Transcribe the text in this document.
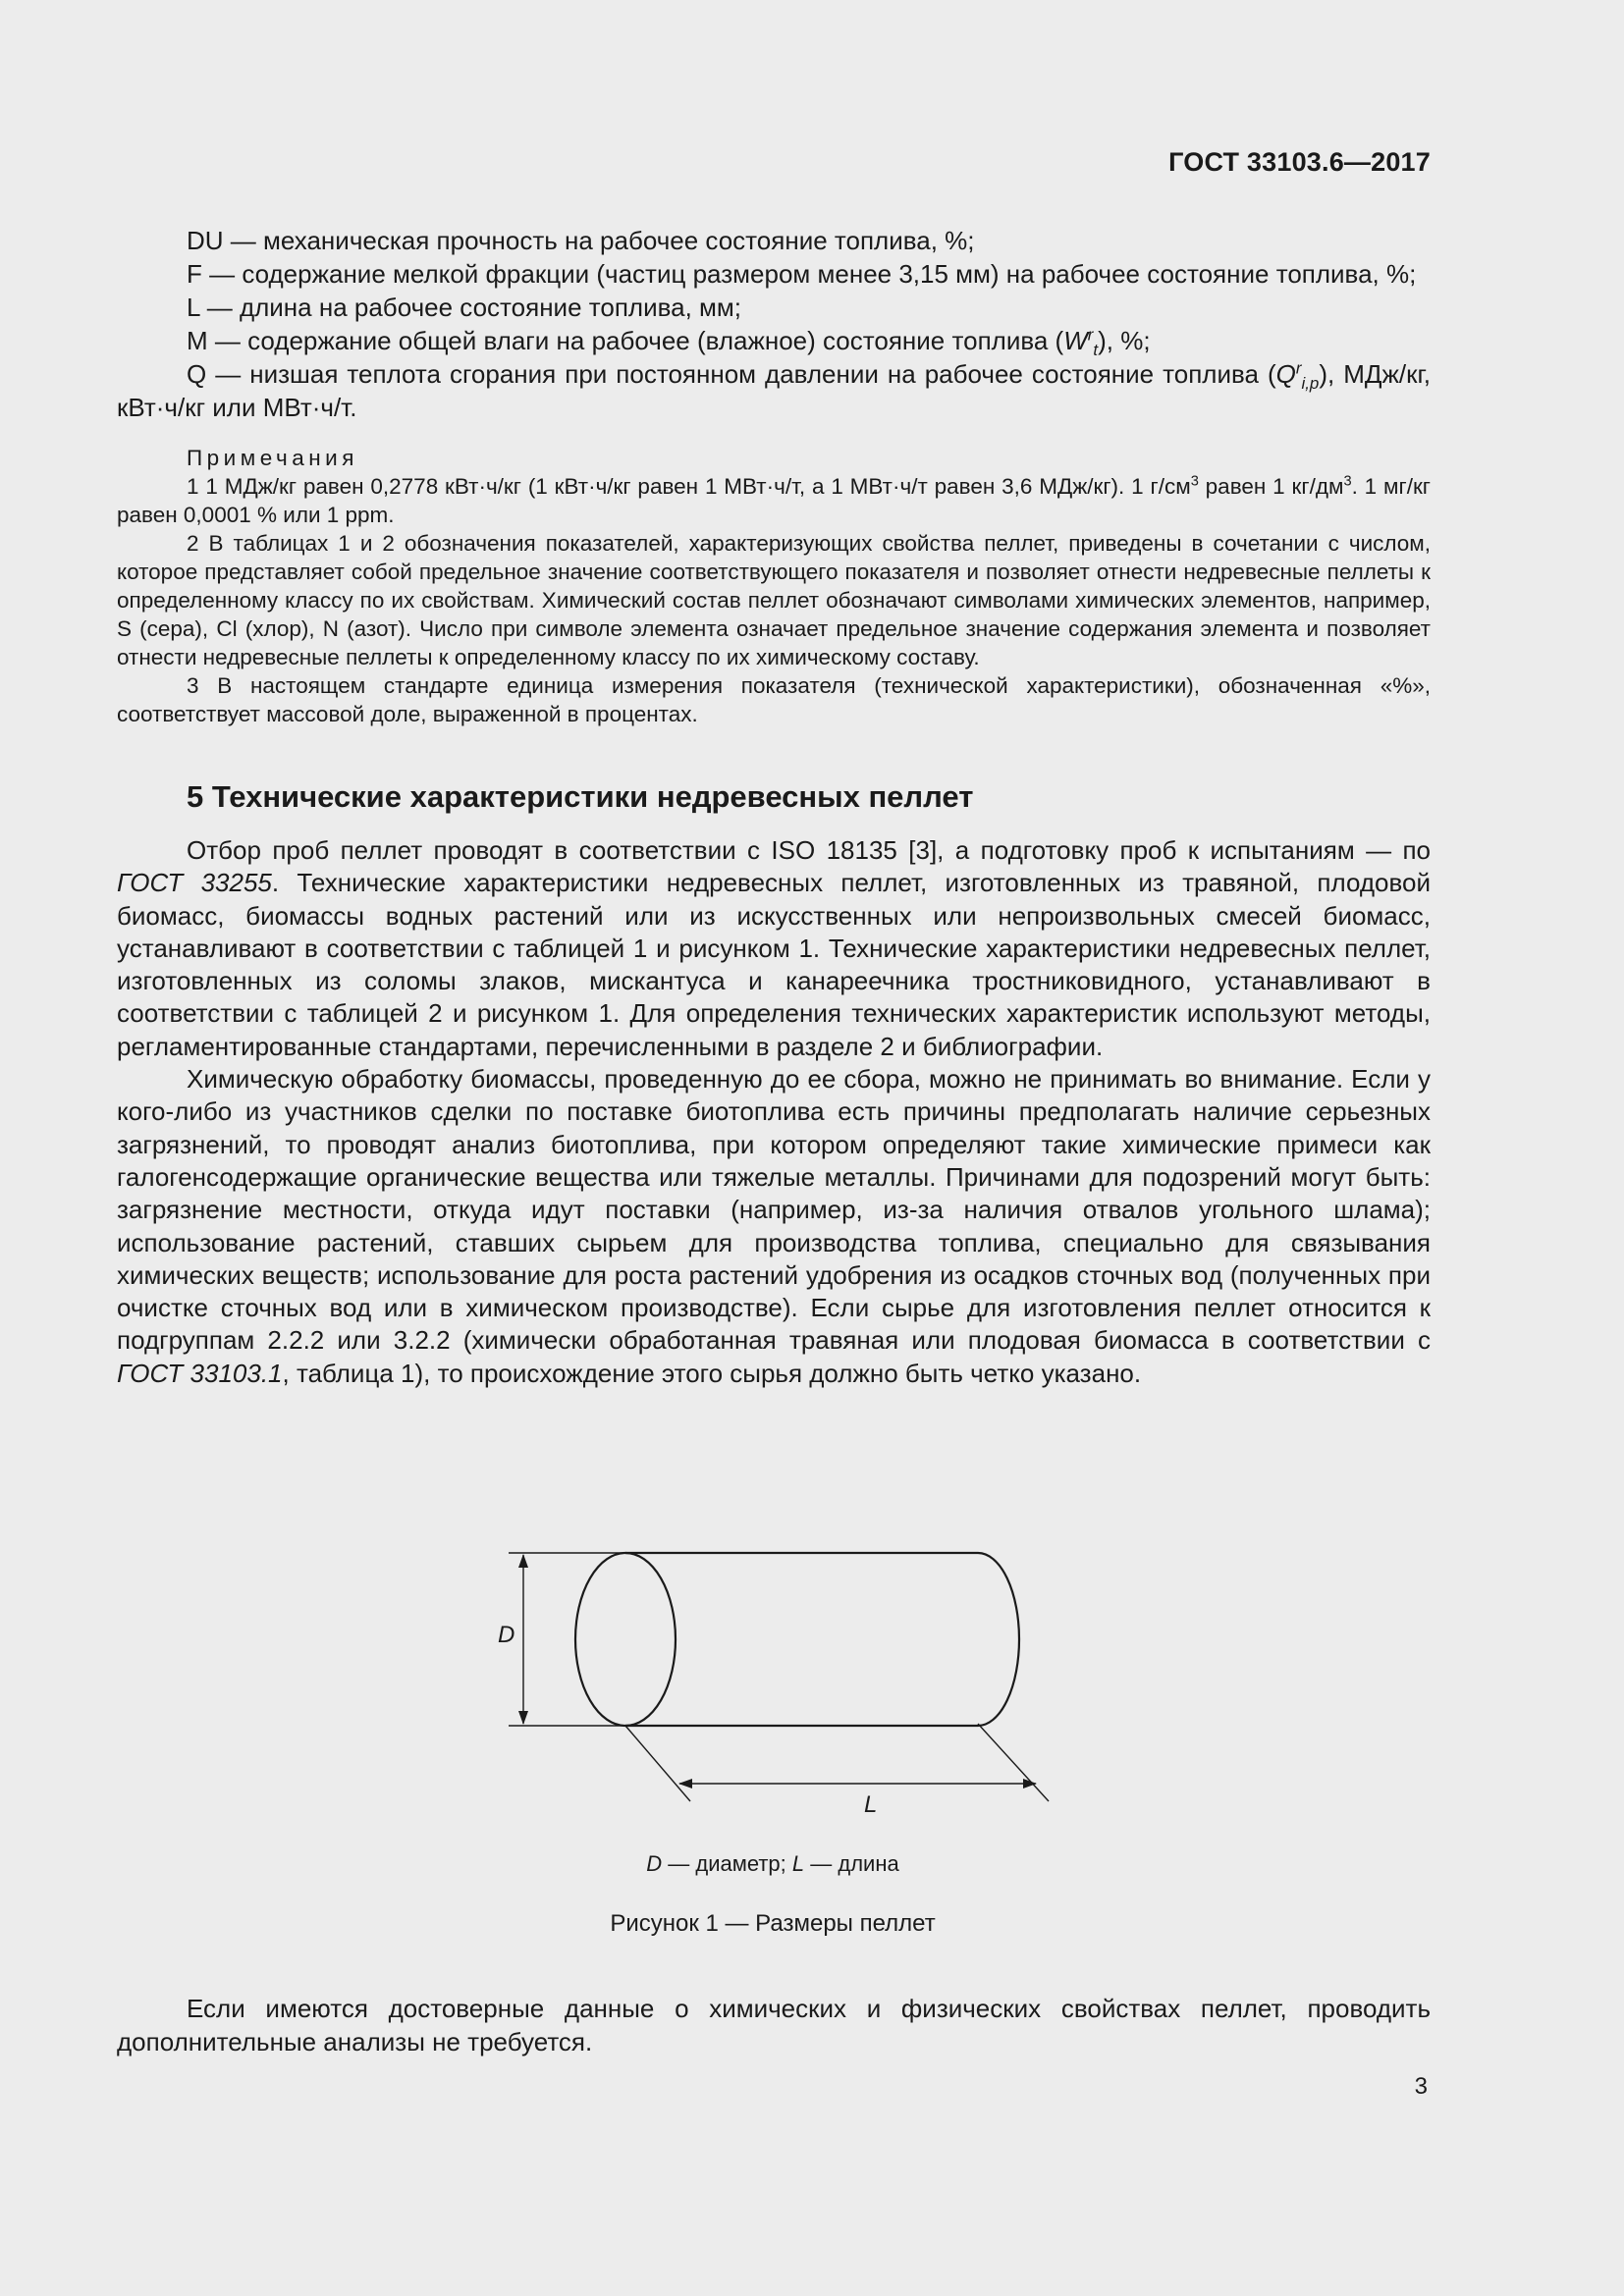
ГОСТ 33103.6—2017

DU — механическая прочность на рабочее состояние топлива, %;

F — содержание мелкой фракции (частиц размером менее 3,15 мм) на рабочее состояние топлива, %;

L — длина на рабочее состояние топлива, мм;

M — содержание общей влаги на рабочее (влажное) состояние топлива $(W^r_t)$, %;

Q — низшая теплота сгорания при постоянном давлении на рабочее состояние топлива $(Q^r_{i,p})$, МДж/кг, кВт·ч/кг или МВт·ч/т.

Примечания

1 1 МДж/кг равен 0,2778 кВт·ч/кг (1 кВт·ч/кг равен 1 МВт·ч/т, а 1 МВт·ч/т равен 3,6 МДж/кг). 1 $г/см^3$ равен 1 $кг/дм^3$. 1 мг/кг равен 0,0001 % или 1 ppm.

2 В таблицах 1 и 2 обозначения показателей, характеризующих свойства пеллет, приведены в сочетании с числом, которое представляет собой предельное значение соответствующего показателя и позволяет отнести недревесные пеллеты к определенному классу по их свойствам. Химический состав пеллет обозначают символами химических элементов, например, S (сера), Cl (хлор), N (азот). Число при символе элемента означает предельное значение содержания элемента и позволяет отнести недревесные пеллеты к определенному классу по их химическому составу.

3 В настоящем стандарте единица измерения показателя (технической характеристики), обозначенная «%», соответствует массовой доле, выраженной в процентах.

5 Технические характеристики недревесных пеллет

Отбор проб пеллет проводят в соответствии с ISO 18135 [3], а подготовку проб к испытаниям — по ГОСТ 33255. Технические характеристики недревесных пеллет, изготовленных из травяной, плодовой биомасс, биомассы водных растений или из искусственных или непроизвольных смесей биомасс, устанавливают в соответствии с таблицей 1 и рисунком 1. Технические характеристики недревесных пеллет, изготовленных из соломы злаков, мискантуса и канареечника тростниковидного, устанавливают в соответствии с таблицей 2 и рисунком 1. Для определения технических характеристик используют методы, регламентированные стандартами, перечисленными в разделе 2 и библиографии.

Химическую обработку биомассы, проведенную до ее сбора, можно не принимать во внимание. Если у кого-либо из участников сделки по поставке биотоплива есть причины предполагать наличие серьезных загрязнений, то проводят анализ биотоплива, при котором определяют такие химические примеси как галогенсодержащие органические вещества или тяжелые металлы. Причинами для подозрений могут быть: загрязнение местности, откуда идут поставки (например, из-за наличия отвалов угольного шлама); использование растений, ставших сырьем для производства топлива, специально для связывания химических веществ; использование для роста растений удобрения из осадков сточных вод (полученных при очистке сточных вод или в химическом производстве). Если сырье для изготовления пеллет относится к подгруппам 2.2.2 или 3.2.2 (химически обработанная травяная или плодовая биомасса в соответствии с ГОСТ 33103.1, таблица 1), то происхождение этого сырья должно быть четко указано.

D
L
D — диаметр; L — длина
Рисунок 1 — Размеры пеллет

Если имеются достоверные данные о химических и физических свойствах пеллет, проводить дополнительные анализы не требуется.

3
